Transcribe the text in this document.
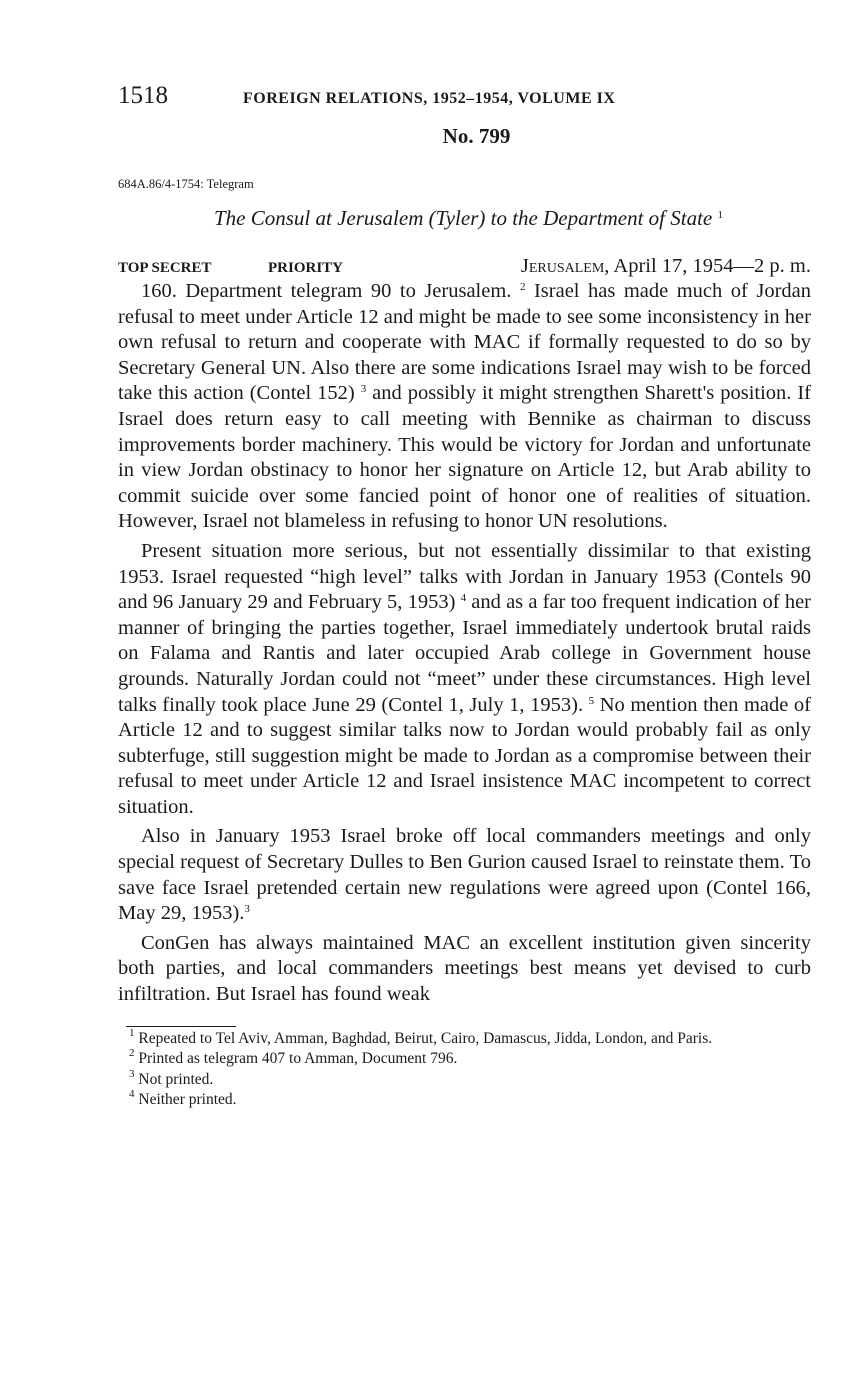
1518	FOREIGN RELATIONS, 1952–1954, VOLUME IX
No. 799
684A.86/4-1754: Telegram
The Consul at Jerusalem (Tyler) to the Department of State $^1$
TOP SECRET	PRIORITY	Jerusalem, April 17, 1954—2 p. m.

160. Department telegram 90 to Jerusalem. $^2$ Israel has made much of Jordan refusal to meet under Article 12 and might be made to see some inconsistency in her own refusal to return and cooperate with MAC if formally requested to do so by Secretary General UN. Also there are some indications Israel may wish to be forced take this action (Contel 152) $^3$ and possibly it might strengthen Sharett's position. If Israel does return easy to call meeting with Bennike as chairman to discuss improvements border machinery. This would be victory for Jordan and unfortunate in view Jordan obstinacy to honor her signature on Article 12, but Arab ability to commit suicide over some fancied point of honor one of realities of situation. However, Israel not blameless in refusing to honor UN resolutions.

Present situation more serious, but not essentially dissimilar to that existing 1953. Israel requested “high level” talks with Jordan in January 1953 (Contels 90 and 96 January 29 and February 5, 1953) $^4$ and as a far too frequent indication of her manner of bringing the parties together, Israel immediately undertook brutal raids on Falama and Rantis and later occupied Arab college in Government house grounds. Naturally Jordan could not “meet” under these circumstances. High level talks finally took place June 29 (Contel 1, July 1, 1953). $^5$ No mention then made of Article 12 and to suggest similar talks now to Jordan would probably fail as only subterfuge, still suggestion might be made to Jordan as a compromise between their refusal to meet under Article 12 and Israel insistence MAC incompetent to correct situation.

Also in January 1953 Israel broke off local commanders meetings and only special request of Secretary Dulles to Ben Gurion caused Israel to reinstate them. To save face Israel pretended certain new regulations were agreed upon (Contel 166, May 29, 1953).$^3$

ConGen has always maintained MAC an excellent institution given sincerity both parties, and local commanders meetings best means yet devised to curb infiltration. But Israel has found weak

$^1$ Repeated to Tel Aviv, Amman, Baghdad, Beirut, Cairo, Damascus, Jidda, London, and Paris.

$^2$ Printed as telegram 407 to Amman, Document 796.

$^3$ Not printed.

$^4$ Neither printed.
